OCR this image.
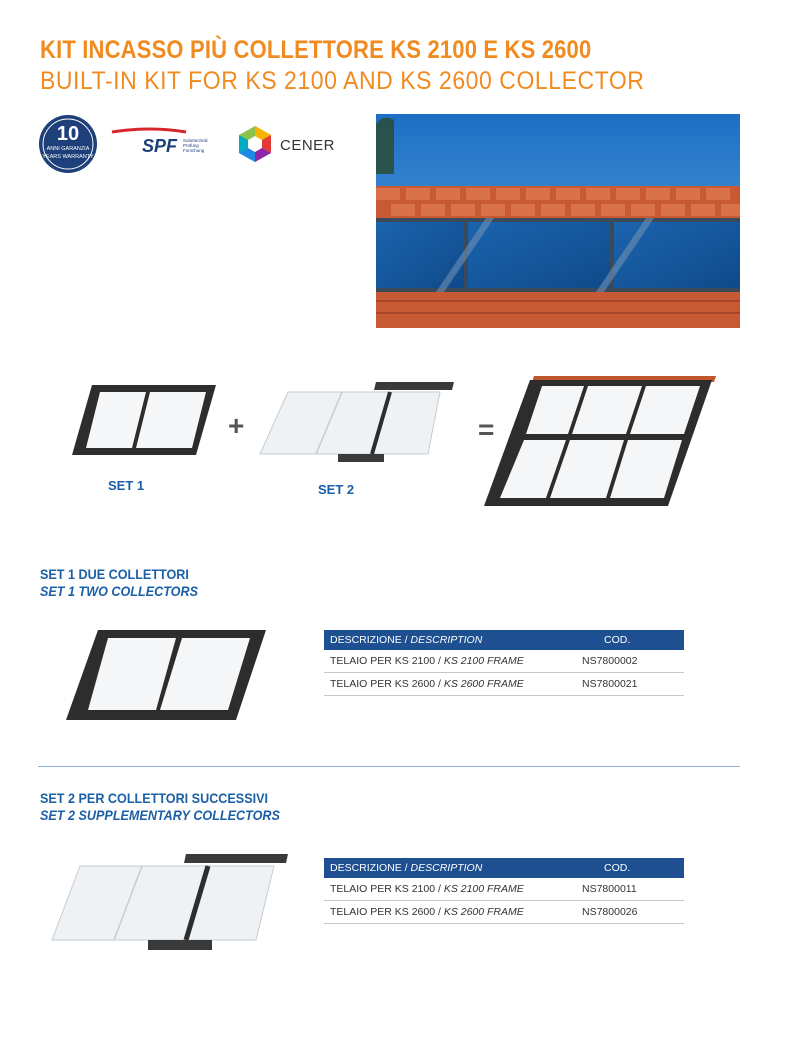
KIT INCASSO PIÙ COLLETTORE KS 2100 E KS 2600
BUILT-IN KIT FOR KS 2100 AND KS 2600 COLLECTOR
10
ANNI GARANZIA
YEARS WARRANTY
SPF Solartechnik
Prüfung
Forschung	CENER
+	=
SET 1	SET 2
SET 1 DUE COLLETTORI
SET 1 TWO COLLECTORS
DESCRIZIONE / DESCRIPTION	COD.
TELAIO PER KS 2100 / KS 2100 FRAME	NS7800002
TELAIO PER KS 2600 / KS 2600 FRAME	NS7800021
SET 2 PER COLLETTORI SUCCESSIVI
SET 2 SUPPLEMENTARY COLLECTORS
DESCRIZIONE / DESCRIPTION	COD.
TELAIO PER KS 2100 / KS 2100 FRAME	NS7800011
TELAIO PER KS 2600 / KS 2600 FRAME	NS7800026
